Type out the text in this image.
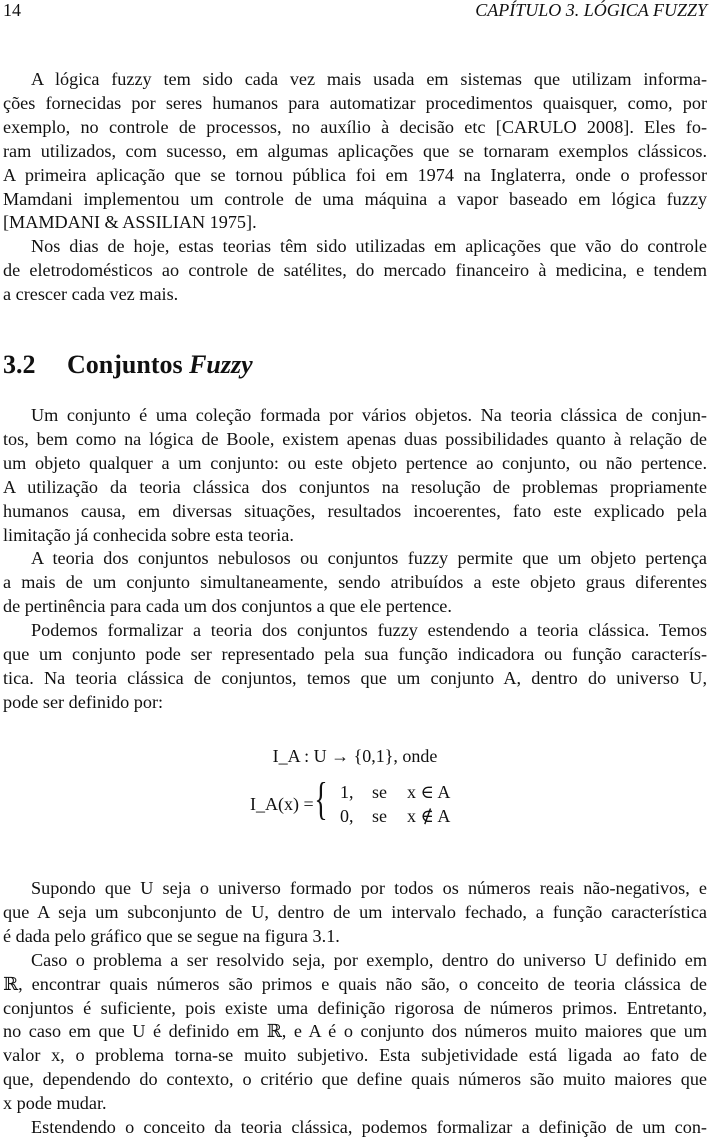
14	CAPÍTULO 3. LÓGICA FUZZY
A lógica fuzzy tem sido cada vez mais usada em sistemas que utilizam informa-
ções fornecidas por seres humanos para automatizar procedimentos quaisquer, como, por
exemplo, no controle de processos, no auxílio à decisão etc [CARULO 2008]. Eles fo-
ram utilizados, com sucesso, em algumas aplicações que se tornaram exemplos clássicos.
A primeira aplicação que se tornou pública foi em 1974 na Inglaterra, onde o professor
Mamdani implementou um controle de uma máquina a vapor baseado em lógica fuzzy
[MAMDANI & ASSILIAN 1975].
Nos dias de hoje, estas teorias têm sido utilizadas em aplicações que vão do controle
de eletrodomésticos ao controle de satélites, do mercado financeiro à medicina, e tendem
a crescer cada vez mais.
3.2 Conjuntos Fuzzy
Um conjunto é uma coleção formada por vários objetos. Na teoria clássica de conjun-
tos, bem como na lógica de Boole, existem apenas duas possibilidades quanto à relação de
um objeto qualquer a um conjunto: ou este objeto pertence ao conjunto, ou não pertence.
A utilização da teoria clássica dos conjuntos na resolução de problemas propriamente
humanos causa, em diversas situações, resultados incoerentes, fato este explicado pela
limitação já conhecida sobre esta teoria.
A teoria dos conjuntos nebulosos ou conjuntos fuzzy permite que um objeto pertença
a mais de um conjunto simultaneamente, sendo atribuídos a este objeto graus diferentes
de pertinência para cada um dos conjuntos a que ele pertence.
Podemos formalizar a teoria dos conjuntos fuzzy estendendo a teoria clássica. Temos
que um conjunto pode ser representado pela sua função indicadora ou função caracterís-
tica. Na teoria clássica de conjuntos, temos que um conjunto A, dentro do universo U,
pode ser definido por:
I_A : U → {0,1}, onde
I_A(x) = { 1, se x ∈ A
0, se x ∉ A
Supondo que U seja o universo formado por todos os números reais não-negativos, e
que A seja um subconjunto de U, dentro de um intervalo fechado, a função característica
é dada pelo gráfico que se segue na figura 3.1.
Caso o problema a ser resolvido seja, por exemplo, dentro do universo U definido em
ℝ, encontrar quais números são primos e quais não são, o conceito de teoria clássica de
conjuntos é suficiente, pois existe uma definição rigorosa de números primos. Entretanto,
no caso em que U é definido em ℝ, e A é o conjunto dos números muito maiores que um
valor x, o problema torna-se muito subjetivo. Esta subjetividade está ligada ao fato de
que, dependendo do contexto, o critério que define quais números são muito maiores que
x pode mudar.
Estendendo o conceito da teoria clássica, podemos formalizar a definição de um con-
